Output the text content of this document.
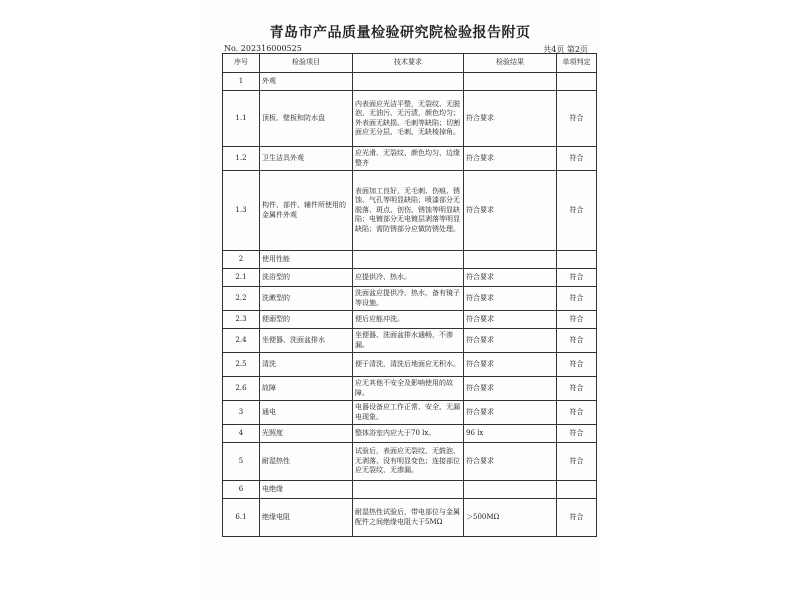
青岛市产品质量检验研究院检验报告附页
No. 202316000525	共4页 第2页
序号	检验项目	技术要求	检验结果	单项判定
1	外观			
1.1	顶板、壁板和防水盘	内表面应光洁平整，无裂纹、无脱泡、无油污、无污渍，颜色均匀；外表面无缺损、毛刺等缺陷；切割面应无分层、毛刺、无缺棱掉角。	符合要求	符合
1.2	卫生洁具外观	应光滑、无裂纹、颜色均匀、边缘整齐	符合要求	符合
1.3	构件、部件、辅件所使用的金属件外观	表面加工良好，无毛刺、伤痕、锈蚀、气孔等明显缺陷；喷漆部分无脱落、斑点、创伤、锈蚀等明显缺陷；电镀部分无电镀层剥落等明显缺陷；需防锈部分应做防锈处理。	符合要求	符合
2	使用性能			
2.1	洗浴型的	应提供冷、热水。	符合要求	符合
2.2	洗漱型的	洗面盆应提供冷、热水，备有镜子等设施。	符合要求	符合
2.3	便溺型的	便后应能冲洗。	符合要求	符合
2.4	坐便器、洗面盆排水	坐便器、洗面盆排水通畅，不渗漏。	符合要求	符合
2.5	清洗	便于清洗，清洗后地面应无积水。	符合要求	符合
2.6	故障	应无其他不安全及影响使用的故障。	符合要求	符合
3	通电	电器设备应工作正常、安全、无漏电现象。	符合要求	符合
4	光照度	整体浴室内应大于70 lx。	96 lx	符合
5	耐湿热性	试验后，表面应无裂纹、无鼓泡、无剥落、没有明显变色；连接部位应无裂纹、无渗漏。	符合要求	符合
6	电绝缘			
6.1	绝缘电阻	耐湿热性试验后，带电部位与金属配件之间绝缘电阻大于5MΩ	＞500MΩ	符合
